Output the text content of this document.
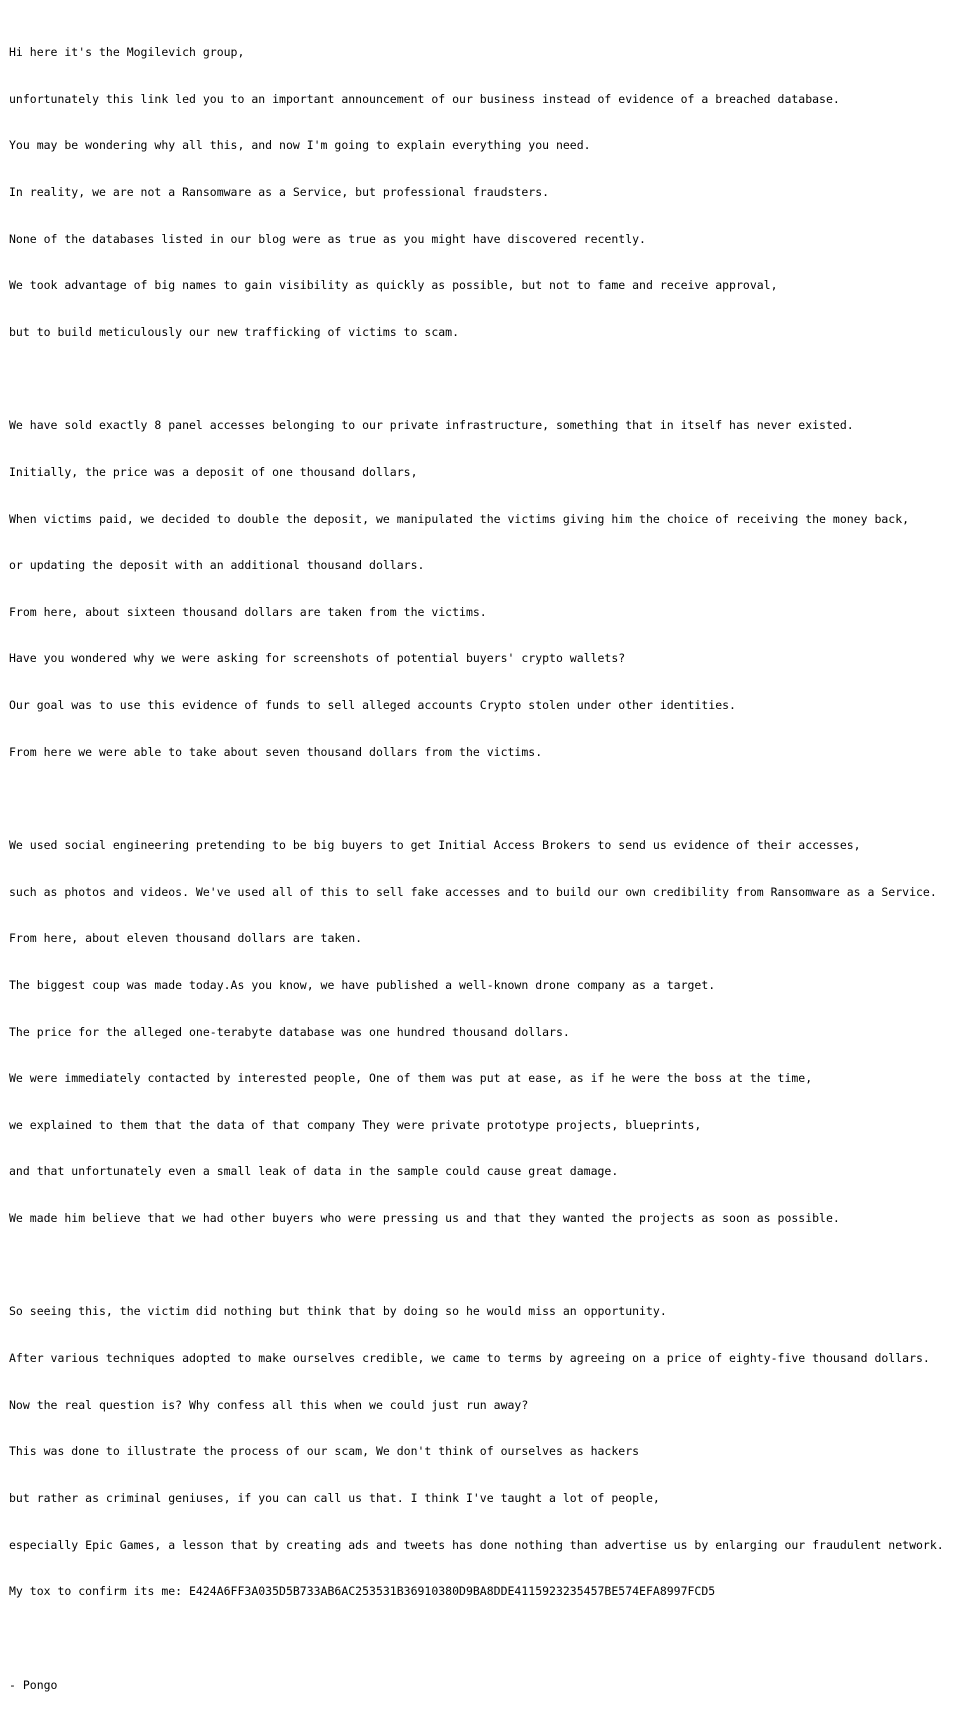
Hi here it's the Mogilevich group,

unfortunately this link led you to an important announcement of our business instead of evidence of a breached database.

You may be wondering why all this, and now I'm going to explain everything you need.

In reality, we are not a Ransomware as a Service, but professional fraudsters.

None of the databases listed in our blog were as true as you might have discovered recently.

We took advantage of big names to gain visibility as quickly as possible, but not to fame and receive approval,

but to build meticulously our new trafficking of victims to scam.

We have sold exactly 8 panel accesses belonging to our private infrastructure, something that in itself has never existed.

Initially, the price was a deposit of one thousand dollars,

When victims paid, we decided to double the deposit, we manipulated the victims giving him the choice of receiving the money back,

or updating the deposit with an additional thousand dollars.

From here, about sixteen thousand dollars are taken from the victims.

Have you wondered why we were asking for screenshots of potential buyers' crypto wallets?

Our goal was to use this evidence of funds to sell alleged accounts Crypto stolen under other identities.

From here we were able to take about seven thousand dollars from the victims.

We used social engineering pretending to be big buyers to get Initial Access Brokers to send us evidence of their accesses,

such as photos and videos. We've used all of this to sell fake accesses and to build our own credibility from Ransomware as a Service.

From here, about eleven thousand dollars are taken.

The biggest coup was made today.As you know, we have published a well-known drone company as a target.

The price for the alleged one-terabyte database was one hundred thousand dollars.

We were immediately contacted by interested people, One of them was put at ease, as if he were the boss at the time,

we explained to them that the data of that company They were private prototype projects, blueprints,

and that unfortunately even a small leak of data in the sample could cause great damage.

We made him believe that we had other buyers who were pressing us and that they wanted the projects as soon as possible.

So seeing this, the victim did nothing but think that by doing so he would miss an opportunity.

After various techniques adopted to make ourselves credible, we came to terms by agreeing on a price of eighty-five thousand dollars.

Now the real question is? Why confess all this when we could just run away?

This was done to illustrate the process of our scam, We don't think of ourselves as hackers

but rather as criminal geniuses, if you can call us that. I think I've taught a lot of people,

especially Epic Games, a lesson that by creating ads and tweets has done nothing than advertise us by enlarging our fraudulent network.

My tox to confirm its me: E424A6FF3A035D5B733AB6AC253531B36910380D9BA8DDE4115923235457BE574EFA8997FCD5

- Pongo
